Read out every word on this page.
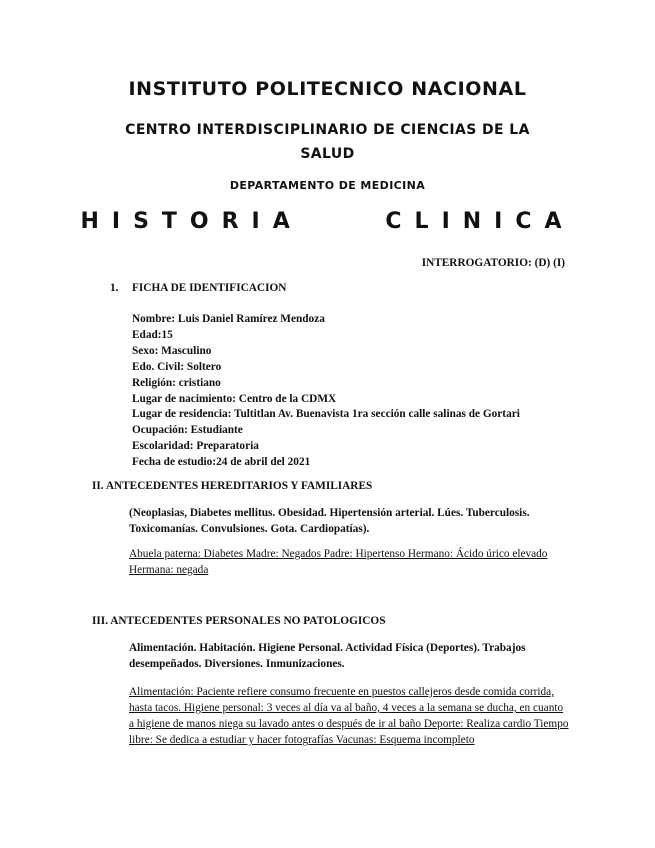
INSTITUTO POLITECNICO NACIONAL
CENTRO INTERDISCIPLINARIO DE CIENCIAS DE LA SALUD
DEPARTAMENTO DE MEDICINA
HISTORIA    CLINICA
INTERROGATORIO: (D) (I)
1. FICHA DE IDENTIFICACION
Nombre: Luis Daniel Ramírez Mendoza
Edad:15
Sexo: Masculino
Edo. Civil: Soltero
Religión: cristiano
Lugar de nacimiento: Centro de la CDMX
Lugar de residencia: Tultitlan Av. Buenavista 1ra sección calle salinas de Gortari
Ocupación: Estudiante
Escolaridad: Preparatoria
Fecha de estudio:24 de abril del 2021
II. ANTECEDENTES HEREDITARIOS Y FAMILIARES
(Neoplasias, Diabetes mellitus. Obesidad. Hipertensión arterial. Lúes. Tuberculosis. Toxicomanías. Convulsiones. Gota. Cardiopatías).
Abuela paterna: Diabetes Madre: Negados Padre: Hipertenso Hermano: Ácido úrico elevado Hermana: negada
III. ANTECEDENTES PERSONALES NO PATOLOGICOS
Alimentación. Habitación. Higiene Personal. Actividad Física (Deportes). Trabajos desempeñados. Diversiones. Inmunizaciones.
Alimentación: Paciente refiere consumo frecuente en puestos callejeros desde comida corrida, hasta tacos. Higiene personal: 3 veces al día va al baño, 4 veces a la semana se ducha, en cuanto a higiene de manos niega su lavado antes o después de ir al baño Deporte: Realiza cardio Tiempo libre: Se dedica a estudiar y hacer fotografías Vacunas: Esquema incompleto
